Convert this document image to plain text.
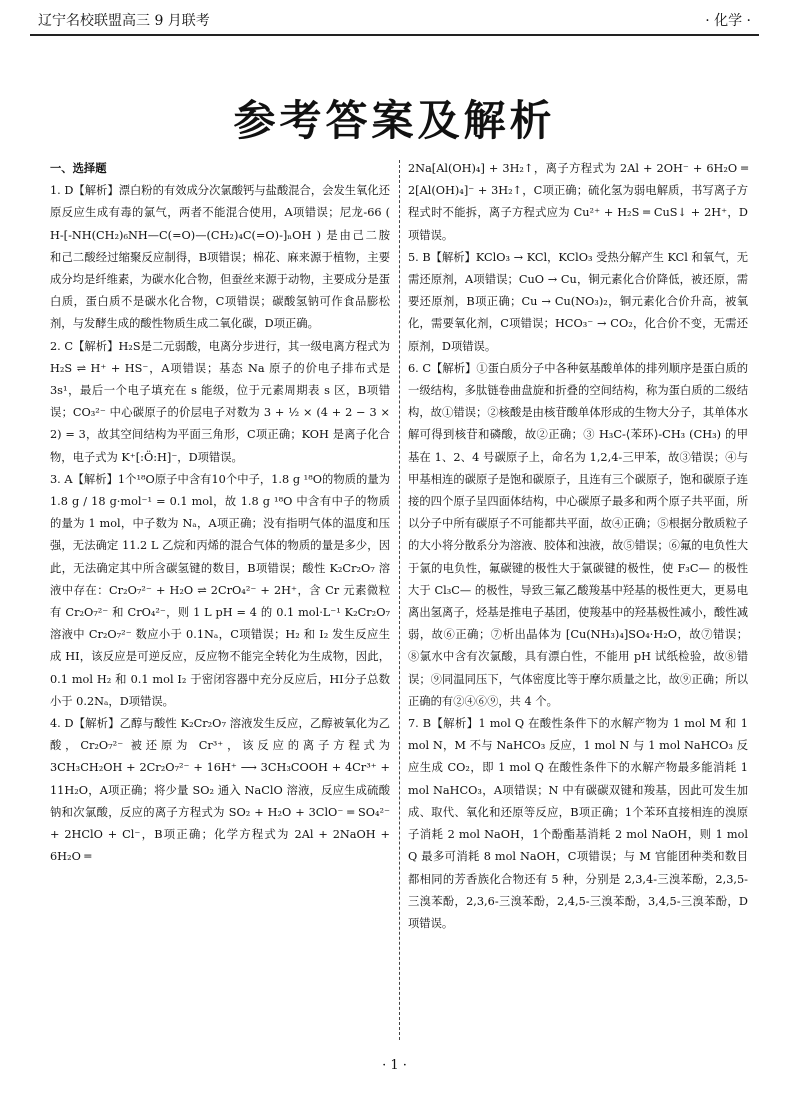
辽宁名校联盟高三 9 月联考	· 化学 ·
参考答案及解析

一、选择题

1. D【解析】漂白粉的有效成分次氯酸钙与盐酸混合，会发生氧化还原反应生成有毒的氯气，两者不能混合使用，A项错误；尼龙-66 ( H-[-NH(CH₂)₆NH—C(=O)—(CH₂)₄C(=O)-]ₙOH ) 是由己二胺和己二酸经过缩聚反应制得，B项错误；棉花、麻来源于植物，主要成分均是纤维素，为碳水化合物，但蚕丝来源于动物，主要成分是蛋白质，蛋白质不是碳水化合物，C项错误；碳酸氢钠可作食品膨松剂，与发酵生成的酸性物质生成二氧化碳，D项正确。

2. C【解析】H₂S是二元弱酸，电离分步进行，其一级电离方程式为 H₂S ⇌ H⁺ + HS⁻，A项错误；基态 Na 原子的价电子排布式是 3s¹，最后一个电子填充在 s 能级，位于元素周期表 s 区，B项错误；CO₃²⁻ 中心碳原子的价层电子对数为 3 + ½ × (4 + 2 − 3 × 2) = 3，故其空间结构为平面三角形，C项正确；KOH 是离子化合物，电子式为 K⁺[:Ö:H]⁻，D项错误。

3. A【解析】1个¹⁸O原子中含有10个中子，1.8 g ¹⁸O的物质的量为 1.8 g / 18 g·mol⁻¹ = 0.1 mol，故 1.8 g ¹⁸O 中含有中子的物质的量为 1 mol，中子数为 Nₐ，A项正确；没有指明气体的温度和压强，无法确定 11.2 L 乙烷和丙烯的混合气体的物质的量是多少，因此，无法确定其中所含碳氢键的数目，B项错误；酸性 K₂Cr₂O₇ 溶液中存在：Cr₂O₇²⁻ + H₂O ⇌ 2CrO₄²⁻ + 2H⁺，含 Cr 元素微粒有 Cr₂O₇²⁻ 和 CrO₄²⁻，则 1 L pH = 4 的 0.1 mol·L⁻¹ K₂Cr₂O₇ 溶液中 Cr₂O₇²⁻ 数应小于 0.1Nₐ，C项错误；H₂ 和 I₂ 发生反应生成 HI，该反应是可逆反应，反应物不能完全转化为生成物，因此，0.1 mol H₂ 和 0.1 mol I₂ 于密闭容器中充分反应后，HI分子总数小于 0.2Nₐ，D项错误。

4. D【解析】乙醇与酸性 K₂Cr₂O₇ 溶液发生反应，乙醇被氧化为乙酸，Cr₂O₇²⁻ 被还原为 Cr³⁺，该反应的离子方程式为 3CH₃CH₂OH + 2Cr₂O₇²⁻ + 16H⁺ ⟶ 3CH₃COOH + 4Cr³⁺ + 11H₂O，A项正确；将少量 SO₂ 通入 NaClO 溶液，反应生成硫酸钠和次氯酸，反应的离子方程式为 SO₂ + H₂O + 3ClO⁻ ═ SO₄²⁻ + 2HClO + Cl⁻，B项正确；化学方程式为 2Al + 2NaOH + 6H₂O ═

2Na[Al(OH)₄] + 3H₂↑，离子方程式为 2Al + 2OH⁻ + 6H₂O ═ 2[Al(OH)₄]⁻ + 3H₂↑，C项正确；硫化氢为弱电解质，书写离子方程式时不能拆，离子方程式应为 Cu²⁺ + H₂S ═ CuS↓ + 2H⁺，D项错误。

5. B【解析】KClO₃ → KCl，KClO₃ 受热分解产生 KCl 和氧气，无需还原剂，A项错误；CuO → Cu，铜元素化合价降低，被还原，需要还原剂，B项正确；Cu → Cu(NO₃)₂，铜元素化合价升高，被氧化，需要氧化剂，C项错误；HCO₃⁻ → CO₂，化合价不变，无需还原剂，D项错误。

6. C【解析】①蛋白质分子中各种氨基酸单体的排列顺序是蛋白质的一级结构，多肽链卷曲盘旋和折叠的空间结构，称为蛋白质的二级结构，故①错误；②核酸是由核苷酸单体形成的生物大分子，其单体水解可得到核苷和磷酸，故②正确；③ H₃C-⟨苯环⟩-CH₃ (CH₃) 的甲基在 1、2、4 号碳原子上，命名为 1,2,4-三甲苯，故③错误；④与甲基相连的碳原子是饱和碳原子，且连有三个碳原子，饱和碳原子连接的四个原子呈四面体结构，中心碳原子最多和两个原子共平面，所以分子中所有碳原子不可能都共平面，故④正确；⑤根据分散质粒子的大小将分散系分为溶液、胶体和浊液，故⑤错误；⑥氟的电负性大于氯的电负性，氟碳键的极性大于氯碳键的极性，使 F₃C— 的极性大于 Cl₃C— 的极性，导致三氟乙酸羧基中羟基的极性更大，更易电离出氢离子，烃基是推电子基团，使羧基中的羟基极性减小，酸性减弱，故⑥正确；⑦析出晶体为 [Cu(NH₃)₄]SO₄·H₂O，故⑦错误；⑧氯水中含有次氯酸，具有漂白性，不能用 pH 试纸检验，故⑧错误；⑨同温同压下，气体密度比等于摩尔质量之比，故⑨正确；所以正确的有②④⑥⑨，共 4 个。

7. B【解析】1 mol Q 在酸性条件下的水解产物为 1 mol M 和 1 mol N，M 不与 NaHCO₃ 反应，1 mol N 与 1 mol NaHCO₃ 反应生成 CO₂，即 1 mol Q 在酸性条件下的水解产物最多能消耗 1 mol NaHCO₃，A项错误；N 中有碳碳双键和羧基，因此可发生加成、取代、氧化和还原等反应，B项正确；1个苯环直接相连的溴原子消耗 2 mol NaOH，1个酚酯基消耗 2 mol NaOH，则 1 mol Q 最多可消耗 8 mol NaOH，C项错误；与 M 官能团种类和数目都相同的芳香族化合物还有 5 种，分别是 2,3,4-三溴苯酚，2,3,5-三溴苯酚，2,3,6-三溴苯酚，2,4,5-三溴苯酚，3,4,5-三溴苯酚，D项错误。

· 1 ·
